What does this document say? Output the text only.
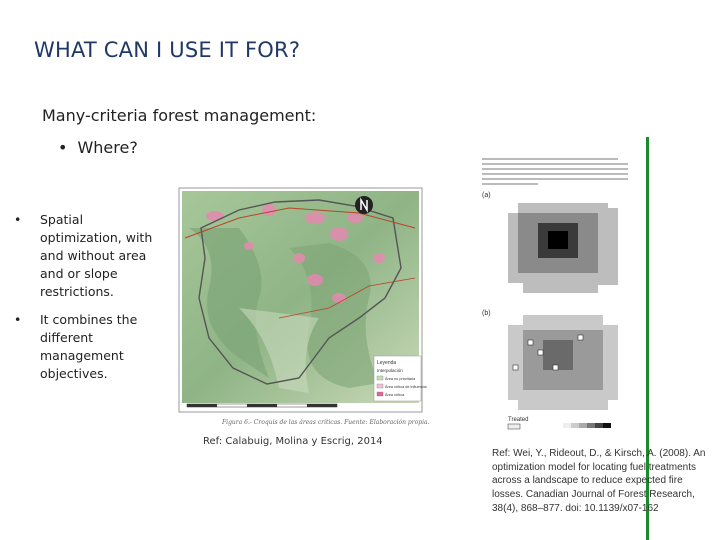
WHAT CAN I USE IT FOR?
Many-criteria forest management:
• Where?
• Spatial optimization, with and without area and or slope restrictions.
• It combines the different management objectives.
Leyenda
Interpolación
Área no prioritaria
Área crítica de influencia
Área crítica
Figura 6.- Croquis de las áreas críticas. Fuente: Elaboración propia.
Ref: Calabuig, Molina y Escrig, 2014
(a)
(b)
Treated
Ref: Wei, Y., Rideout, D., & Kirsch, A. (2008). An optimization model for locating fuel treatments across a landscape to reduce expected fire losses. Canadian Journal of Forest Research, 38(4), 868–877. doi: 10.1139/x07-162
